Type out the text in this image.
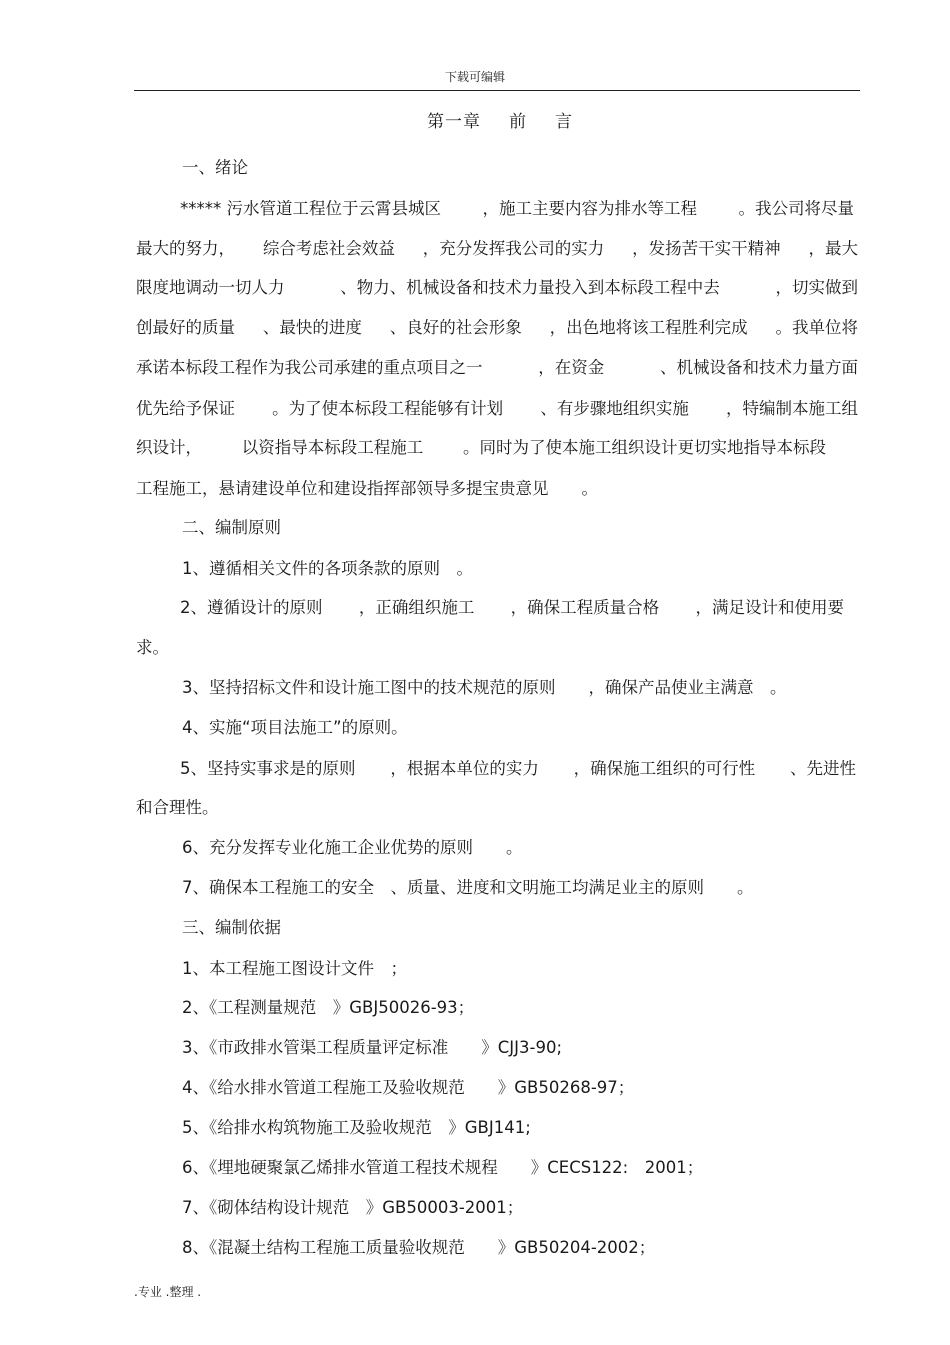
下载可编辑
第一章 前 言
一、绪论
***** 污水管道工程位于云霄县城区	，施工主要内容为排水等工程	。我公司将尽量
最大的努力， 综合考虑社会效益 ，充分发挥我公司的实力 ，发扬苦干实干精神 ，最大
限度地调动一切人力	、物力、机械设备和技术力量投入到本标段工程中去	，切实做到
创最好的质量 、最快的进度 、良好的社会形象 ，出色地将该工程胜利完成 。我单位将
承诺本标段工程作为我公司承建的重点项目之一	，在资金	、机械设备和技术力量方面
优先给予保证 。为了使本标段工程能够有计划 、有步骤地组织实施 ，特编制本施工组
织设计， 以资指导本标段工程施工 。同时为了使本施工组织设计更切实地指导本标段
工程施工，悬请建设单位和建设指挥部领导多提宝贵意见　　。
二、编制原则
1、遵循相关文件的各项条款的原则　。
2、遵循设计的原则 ，正确组织施工 ，确保工程质量合格 ，满足设计和使用要
求。
3、坚持招标文件和设计施工图中的技术规范的原则　　，确保产品使业主满意　。
4、实施“项目法施工”的原则。
5、坚持实事求是的原则 ，根据本单位的实力 ，确保施工组织的可行性 、先进性
和合理性。
6、充分发挥专业化施工企业优势的原则　　。
7、确保本工程施工的安全　、质量、进度和文明施工均满足业主的原则　　。
三、编制依据
1、本工程施工图设计文件　；
2、《工程测量规范　》GBJ50026-93；
3、《市政排水管渠工程质量评定标准　　》CJJ3-90;
4、《给水排水管道工程施工及验收规范　　》GB50268-97；
5、《给排水构筑物施工及验收规范　》GBJ141;
6、《埋地硬聚氯乙烯排水管道工程技术规程　　》CECS122:　2001；
7、《砌体结构设计规范　》GB50003-2001；
8、《混凝土结构工程施工质量验收规范　　》GB50204-2002；
.专业 .整理 .
